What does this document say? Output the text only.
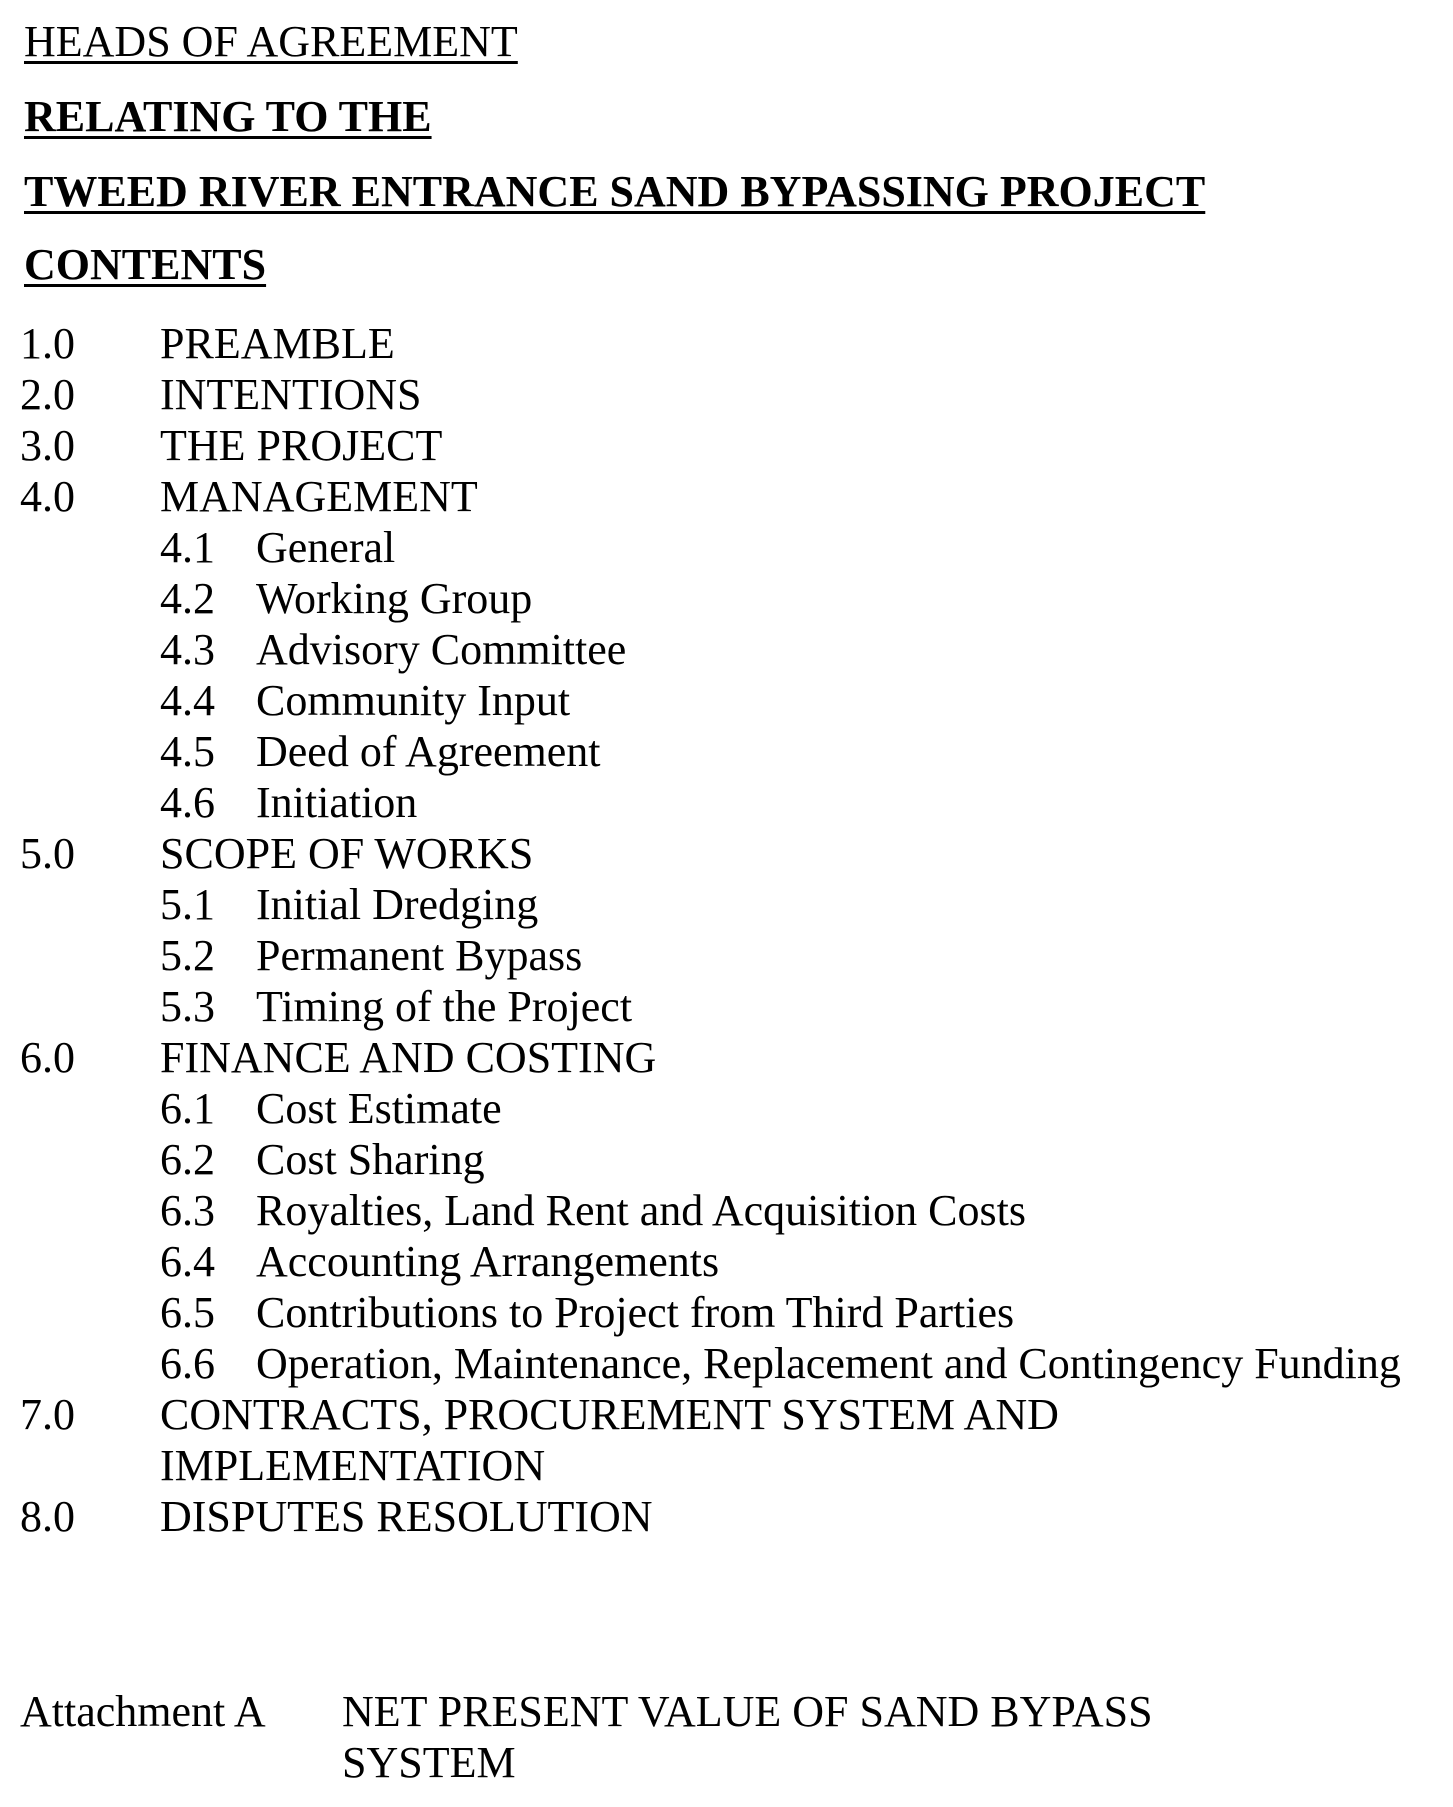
HEADS OF AGREEMENT
RELATING TO THE
TWEED RIVER ENTRANCE SAND BYPASSING PROJECT
CONTENTS
1.0	PREAMBLE
2.0	INTENTIONS
3.0	THE PROJECT
4.0	MANAGEMENT
4.1 General
4.2 Working Group
4.3 Advisory Committee
4.4 Community Input
4.5 Deed of Agreement
4.6 Initiation
5.0	SCOPE OF WORKS
5.1 Initial Dredging
5.2 Permanent Bypass
5.3 Timing of the Project
6.0	FINANCE AND COSTING
6.1 Cost Estimate
6.2 Cost Sharing
6.3 Royalties, Land Rent and Acquisition Costs
6.4 Accounting Arrangements
6.5 Contributions to Project from Third Parties
6.6 Operation, Maintenance, Replacement and Contingency Funding
7.0	CONTRACTS, PROCUREMENT SYSTEM AND IMPLEMENTATION
8.0	DISPUTES RESOLUTION
Attachment A	NET PRESENT VALUE OF SAND BYPASS SYSTEM
